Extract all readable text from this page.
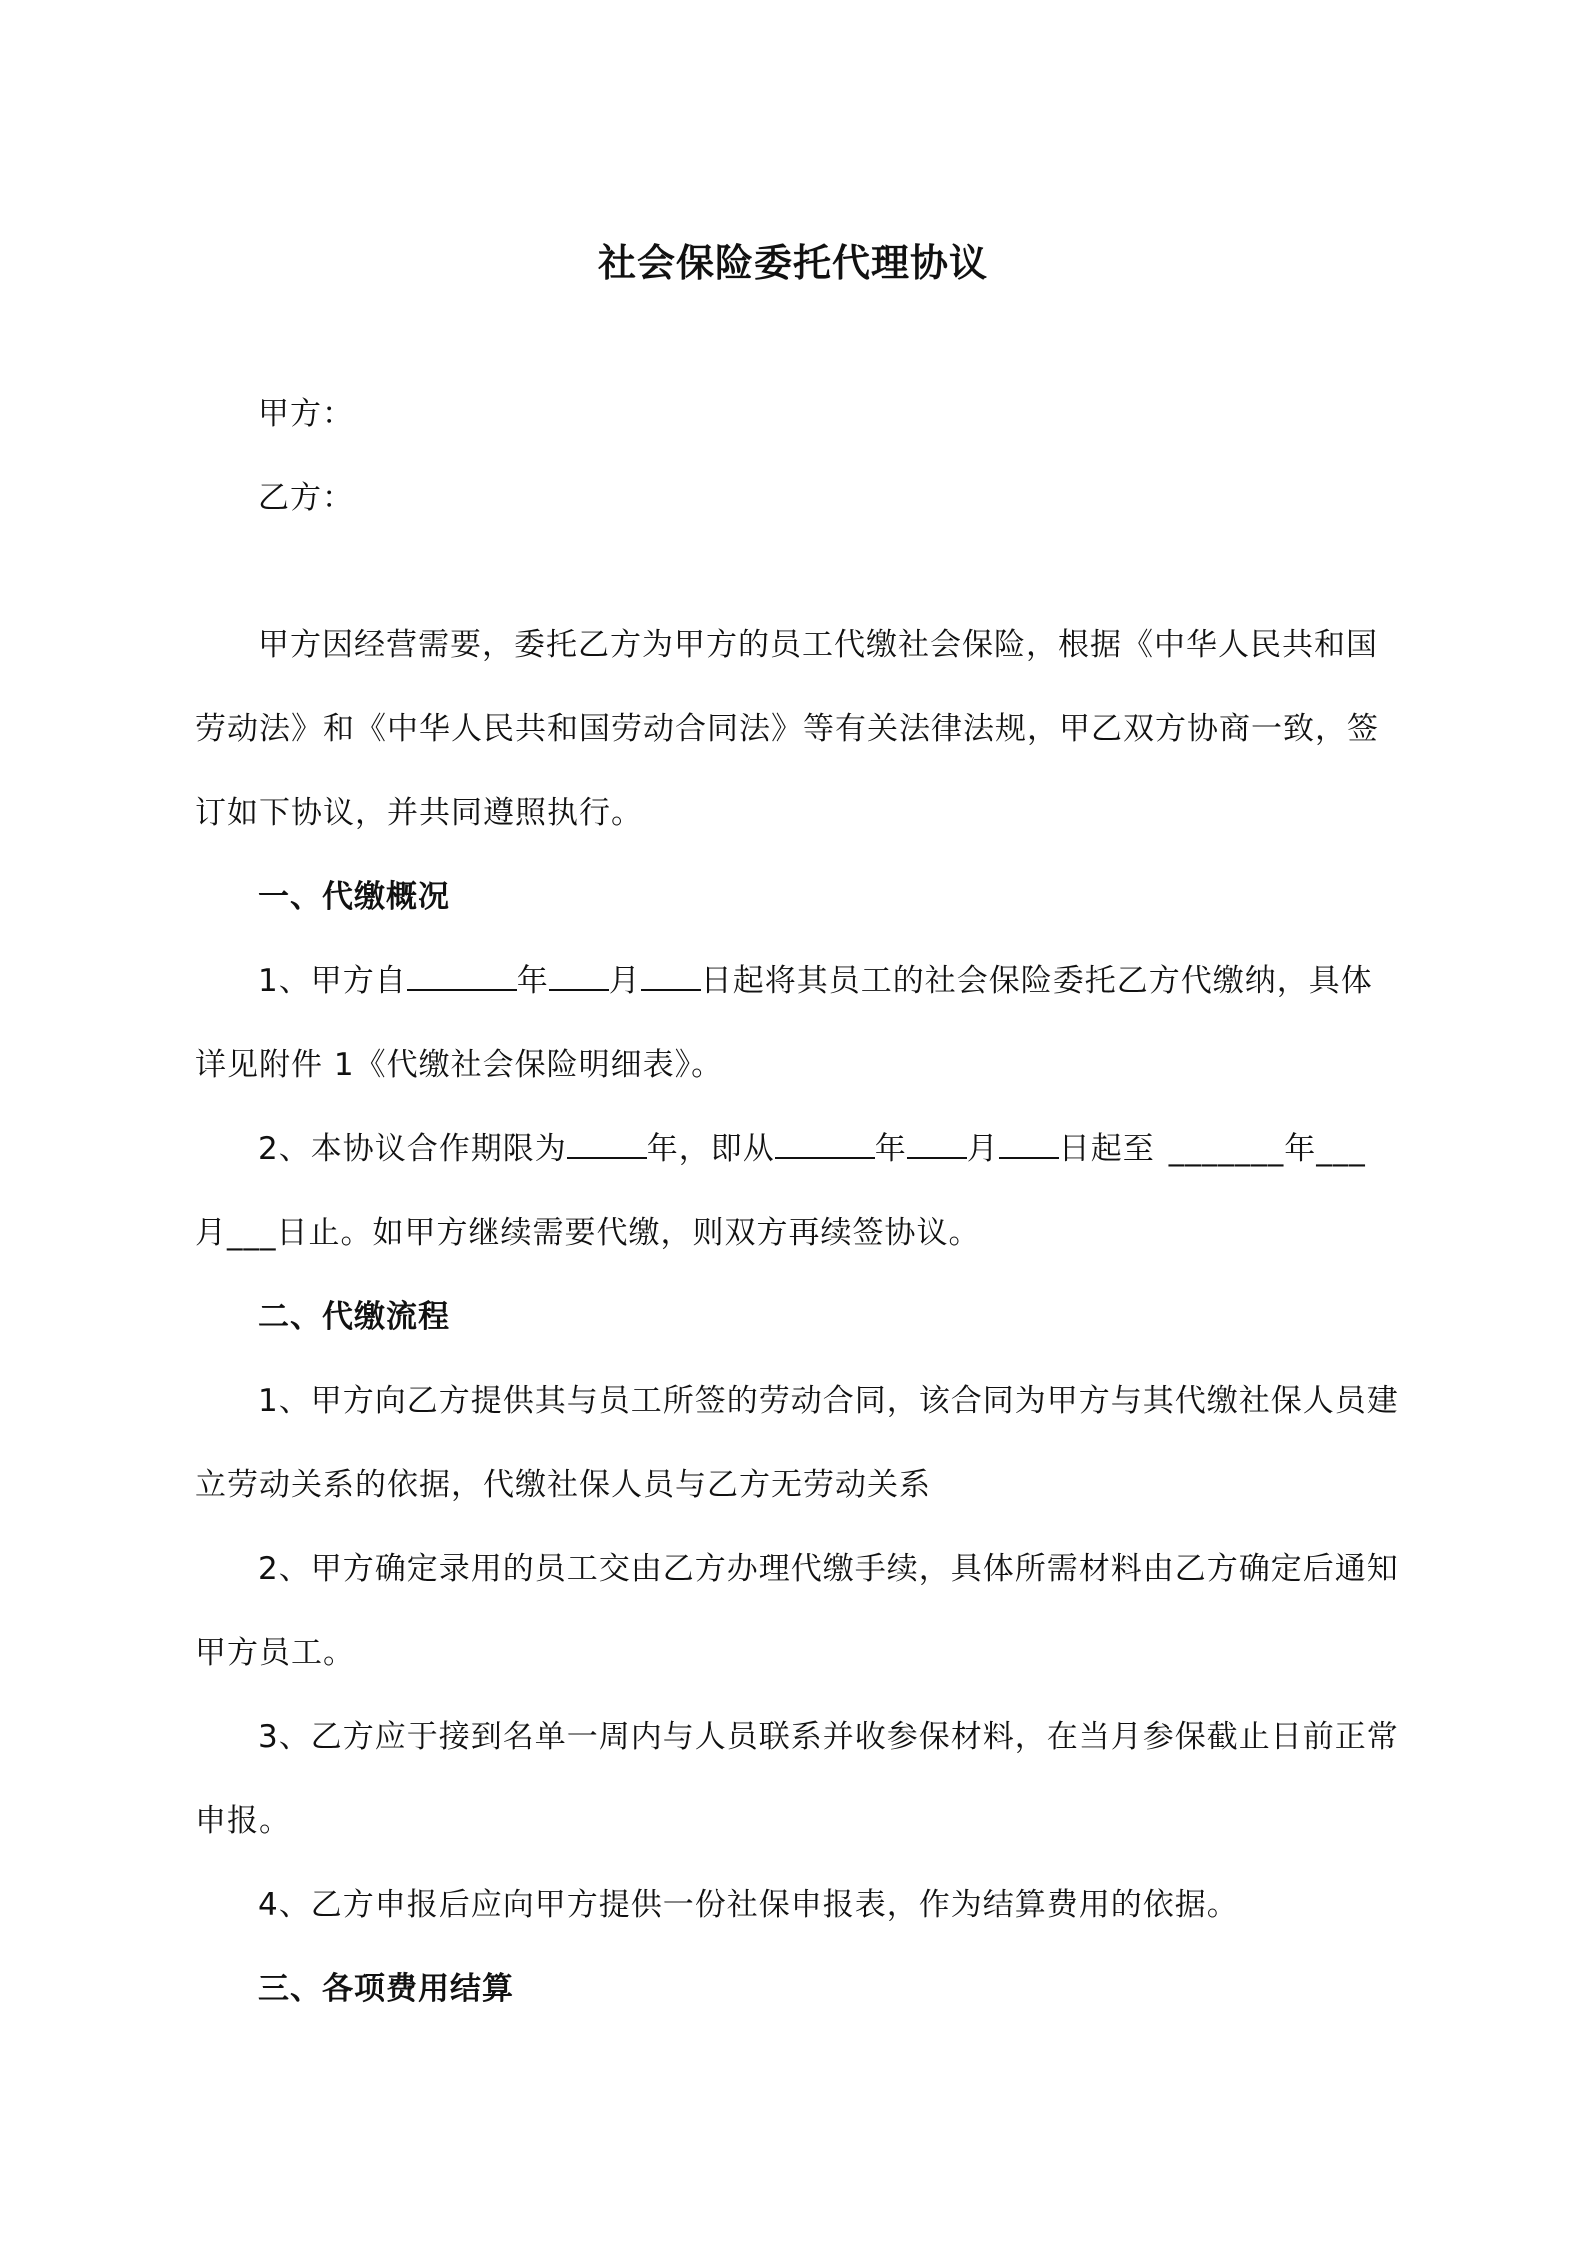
社会保险委托代理协议
甲方：
乙方：
甲方因经营需要，委托乙方为甲方的员工代缴社会保险，根据《中华人民共和国
劳动法》和《中华人民共和国劳动合同法》等有关法律法规，甲乙双方协商一致，签
订如下协议，并共同遵照执行。
一、代缴概况
1、甲方自	年 月 日起将其员工的社会保险委托乙方代缴纳，具体
详见附件 1《代缴社会保险明细表》。
2、本协议合作期限为	年，即从	年 月 日起至 _______年___
月___日止。如甲方继续需要代缴，则双方再续签协议。
二、代缴流程
1、甲方向乙方提供其与员工所签的劳动合同，该合同为甲方与其代缴社保人员建
立劳动关系的依据，代缴社保人员与乙方无劳动关系
2、甲方确定录用的员工交由乙方办理代缴手续，具体所需材料由乙方确定后通知
甲方员工。
3、乙方应于接到名单一周内与人员联系并收参保材料，在当月参保截止日前正常
申报。
4、乙方申报后应向甲方提供一份社保申报表，作为结算费用的依据。
三、各项费用结算
